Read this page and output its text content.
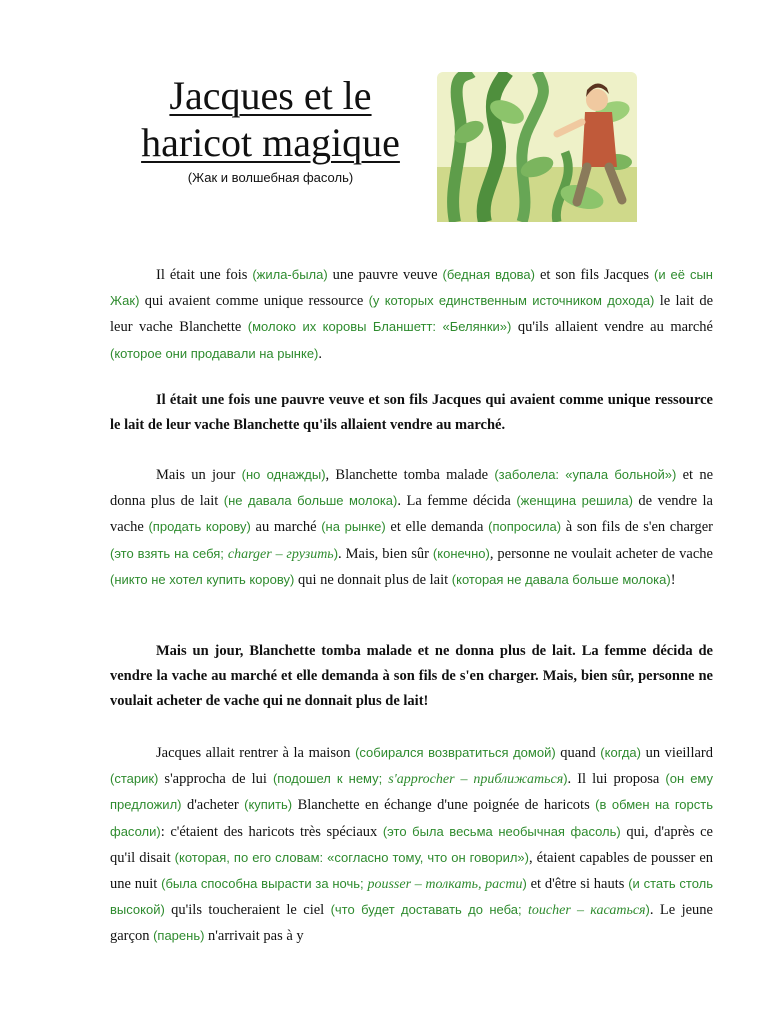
Jacques et le
haricot magique
(Жак и волшебная фасоль)

Il était une fois (жила-была) une pauvre veuve (бедная вдова) et son fils Jacques (и её сын Жак) qui avaient comme unique ressource (у которых единственным источником дохода) le lait de leur vache Blanchette (молоко их коровы Бланшетт: «Белянки») qu'ils allaient vendre au marché (которое они продавали на рынке).

Il était une fois une pauvre veuve et son fils Jacques qui avaient comme unique ressource le lait de leur vache Blanchette qu'ils allaient vendre au marché.

Mais un jour (но однажды), Blanchette tomba malade (заболела: «упала больной») et ne donna plus de lait (не давала больше молока). La femme décida (женщина решила) de vendre la vache (продать корову) au marché (на рынке) et elle demanda (попросила) à son fils de s'en charger (это взять на себя; charger – грузить). Mais, bien sûr (конечно), personne ne voulait acheter de vache (никто не хотел купить корову) qui ne donnait plus de lait (которая не давала больше молока)!

Mais un jour, Blanchette tomba malade et ne donna plus de lait. La femme décida de vendre la vache au marché et elle demanda à son fils de s'en charger. Mais, bien sûr, personne ne voulait acheter de vache qui ne donnait plus de lait!

Jacques allait rentrer à la maison (собирался возвратиться домой) quand (когда) un vieillard (старик) s'approcha de lui (подошел к нему; s'approcher – приближаться). Il lui proposa (он ему предложил) d'acheter (купить) Blanchette en échange d'une poignée de haricots (в обмен на горсть фасоли): c'étaient des haricots très spéciaux (это была весьма необычная фасоль) qui, d'après ce qu'il disait (которая, по его словам: «согласно тому, что он говорил»), étaient capables de pousser en une nuit (была способна вырасти за ночь; pousser – толкать, расти) et d'être si hauts (и стать столь высокой) qu'ils toucheraient le ciel (что будет доставать до неба; toucher – касаться). Le jeune garçon (парень) n'arrivait pas à y
